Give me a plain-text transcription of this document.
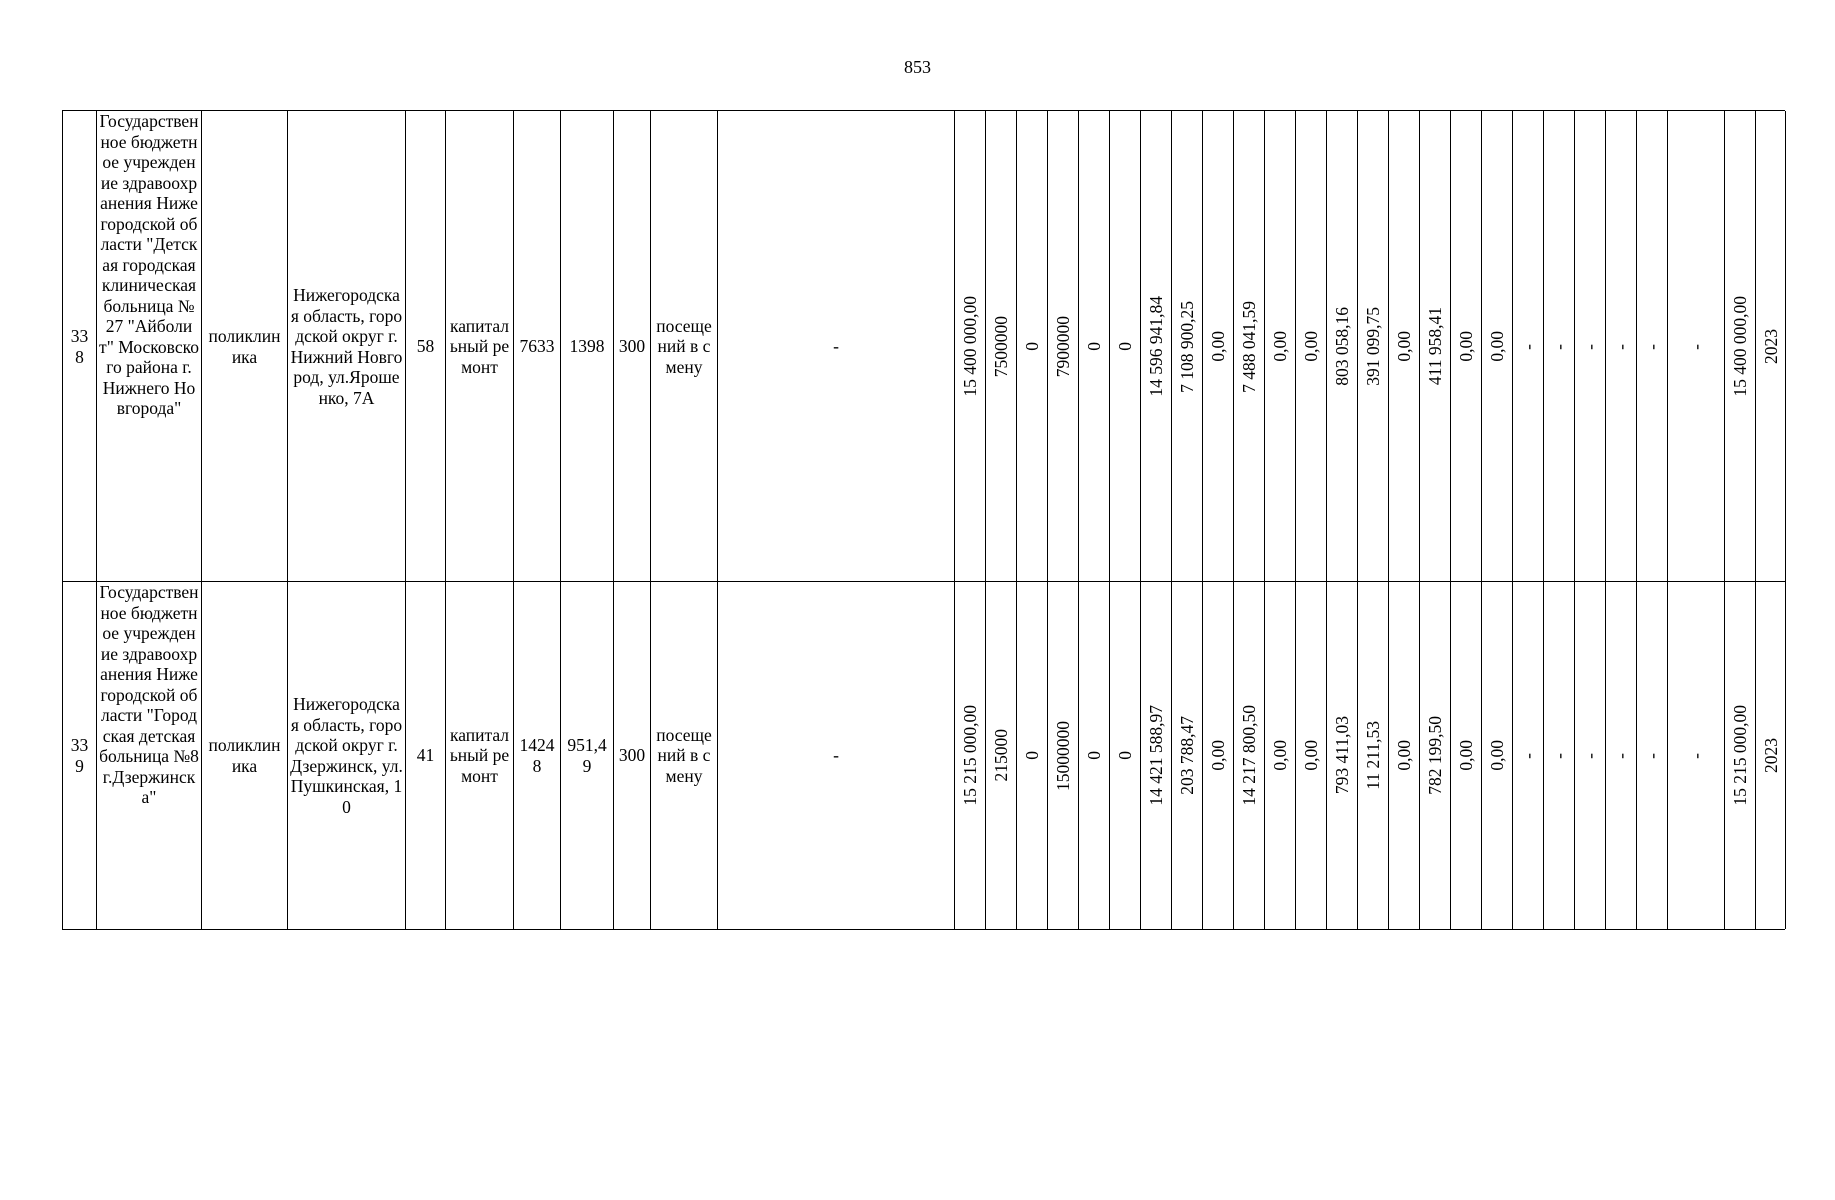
853
338
Государственное бюджетное учреждение здравоохранения Нижегородской области "Детская городская клиническая больница № 27 "Айболит" Московского района г. Нижнего Новгорода"
поликлиника
Нижегородская область, городской округ г. Нижний Новгород, ул.Ярошенко, 7А
58
капитальный ремонт
7633 1398 300
посещений в смену
-	15 400 000,00 7500000 0 7900000 0 0 14 596 941,84 7 108 900,25 0,00 7 488 041,59 0,00 0,00 803 058,16 391 099,75 0,00 411 958,41 0,00 0,00 - - - - - - 15 400 000,00 2023
339
Государственное бюджетное учреждение здравоохранения Нижегородской области "Городская детская больница №8 г.Дзержинска"
поликлиника
Нижегородская область, городской округ г. Дзержинск, ул.Пушкинская, 10
41
капитальный ремонт
14248
951,49
300
посещений в смену
-	15 215 000,00 215000 0 15000000 0 0 14 421 588,97 203 788,47 0,00 14 217 800,50 0,00 0,00 793 411,03 11 211,53 0,00 782 199,50 0,00 0,00 - - - - - - 15 215 000,00 2023
